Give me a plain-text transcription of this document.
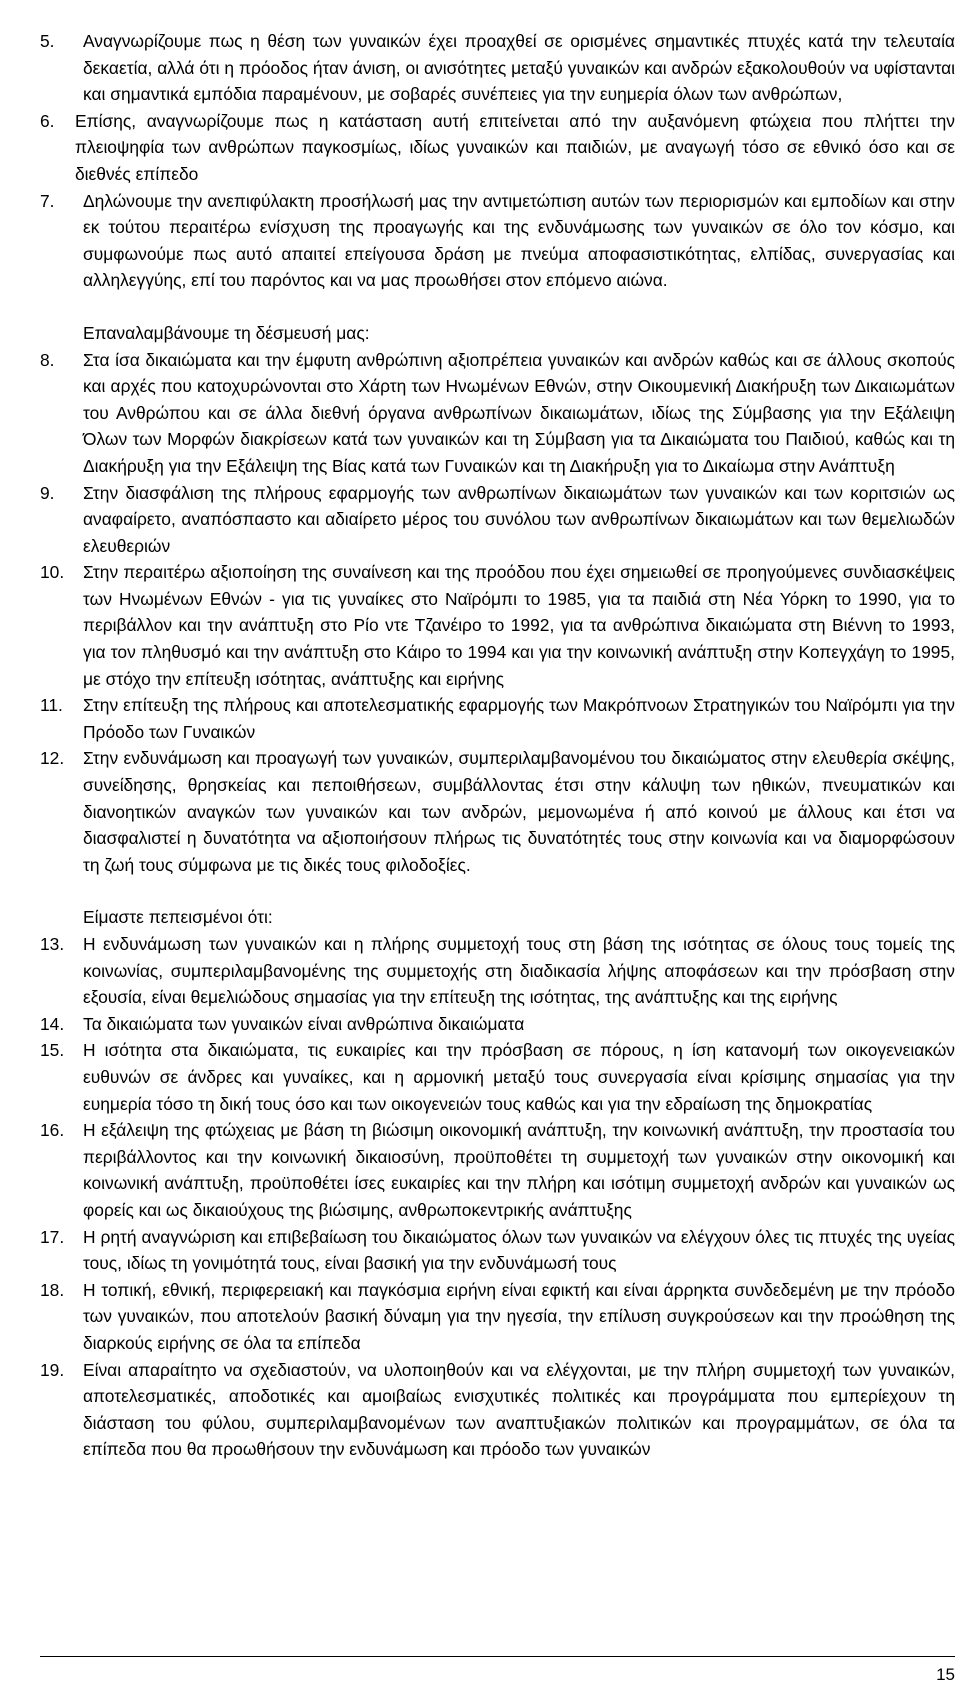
5. Αναγνωρίζουμε πως η θέση των γυναικών έχει προαχθεί σε ορισμένες σημαντικές πτυχές κατά την τελευταία δεκαετία, αλλά ότι η πρόοδος ήταν άνιση, οι ανισότητες μεταξύ γυναικών και ανδρών εξακολουθούν να υφίστανται και σημαντικά εμπόδια παραμένουν, με σοβαρές συνέπειες για την ευημερία όλων των ανθρώπων,
6. Επίσης, αναγνωρίζουμε πως η κατάσταση αυτή επιτείνεται από την αυξανόμενη φτώχεια που πλήττει την πλειοψηφία των ανθρώπων παγκοσμίως, ιδίως γυναικών και παιδιών, με αναγωγή τόσο σε εθνικό όσο και σε διεθνές επίπεδο
7. Δηλώνουμε την ανεπιφύλακτη προσήλωσή μας την αντιμετώπιση αυτών των περιορισμών και εμποδίων και στην εκ τούτου περαιτέρω ενίσχυση της προαγωγής και της ενδυνάμωσης των γυναικών σε όλο τον κόσμο, και συμφωνούμε πως αυτό απαιτεί επείγουσα δράση με πνεύμα αποφασιστικότητας, ελπίδας, συνεργασίας και αλληλεγγύης, επί του παρόντος και να μας προωθήσει στον επόμενο αιώνα.
Επαναλαμβάνουμε τη δέσμευσή μας:
8. Στα ίσα δικαιώματα και την έμφυτη ανθρώπινη αξιοπρέπεια γυναικών και ανδρών καθώς και σε άλλους σκοπούς και αρχές που κατοχυρώνονται στο Χάρτη των Ηνωμένων Εθνών, στην Οικουμενική Διακήρυξη των Δικαιωμάτων του Ανθρώπου και σε άλλα διεθνή όργανα ανθρωπίνων δικαιωμάτων, ιδίως της Σύμβασης για την Εξάλειψη Όλων των Μορφών διακρίσεων κατά των γυναικών και τη Σύμβαση για τα Δικαιώματα του Παιδιού, καθώς και τη Διακήρυξη για την Εξάλειψη της Βίας κατά των Γυναικών και τη Διακήρυξη για το Δικαίωμα στην Ανάπτυξη
9. Στην διασφάλιση της πλήρους εφαρμογής των ανθρωπίνων δικαιωμάτων των γυναικών και των κοριτσιών ως αναφαίρετο, αναπόσπαστο και αδιαίρετο μέρος του συνόλου των ανθρωπίνων δικαιωμάτων και των θεμελιωδών ελευθεριών
10. Στην περαιτέρω αξιοποίηση της συναίνεση και της προόδου που έχει σημειωθεί σε προηγούμενες συνδιασκέψεις των Ηνωμένων Εθνών - για τις γυναίκες στο Ναϊρόμπι το 1985, για τα παιδιά στη Νέα Υόρκη το 1990, για το περιβάλλον και την ανάπτυξη στο Ρίο ντε Τζανέιρο το 1992, για τα ανθρώπινα δικαιώματα στη Βιέννη το 1993, για τον πληθυσμό και την ανάπτυξη στο Κάιρο το 1994 και για την κοινωνική ανάπτυξη στην Κοπεγχάγη το 1995, με στόχο την επίτευξη ισότητας, ανάπτυξης και ειρήνης
11. Στην επίτευξη της πλήρους και αποτελεσματικής εφαρμογής των Μακρόπνοων Στρατηγικών του Ναϊρόμπι για την Πρόοδο των Γυναικών
12. Στην ενδυνάμωση και προαγωγή των γυναικών, συμπεριλαμβανομένου του δικαιώματος στην ελευθερία σκέψης, συνείδησης, θρησκείας και πεποιθήσεων, συμβάλλοντας έτσι στην κάλυψη των ηθικών, πνευματικών και διανοητικών αναγκών των γυναικών και των ανδρών, μεμονωμένα ή από κοινού με άλλους και έτσι να διασφαλιστεί η δυνατότητα να αξιοποιήσουν πλήρως τις δυνατότητές τους στην κοινωνία και να διαμορφώσουν τη ζωή τους σύμφωνα με τις δικές τους φιλοδοξίες.
Είμαστε πεπεισμένοι ότι:
13. Η ενδυνάμωση των γυναικών και η πλήρης συμμετοχή τους στη βάση της ισότητας σε όλους τους τομείς της κοινωνίας, συμπεριλαμβανομένης της συμμετοχής στη διαδικασία λήψης αποφάσεων και την πρόσβαση στην εξουσία, είναι θεμελιώδους σημασίας για την επίτευξη της ισότητας, της ανάπτυξης και της ειρήνης
14. Τα δικαιώματα των γυναικών είναι ανθρώπινα δικαιώματα
15. Η ισότητα στα δικαιώματα, τις ευκαιρίες και την πρόσβαση σε πόρους, η ίση κατανομή των οικογενειακών ευθυνών σε άνδρες και γυναίκες, και η αρμονική μεταξύ τους συνεργασία είναι κρίσιμης σημασίας για την ευημερία τόσο τη δική τους όσο και των οικογενειών τους καθώς και για την εδραίωση της δημοκρατίας
16. Η εξάλειψη της φτώχειας με βάση τη βιώσιμη οικονομική ανάπτυξη, την κοινωνική ανάπτυξη, την προστασία του περιβάλλοντος και την κοινωνική δικαιοσύνη, προϋποθέτει τη συμμετοχή των γυναικών στην οικονομική και κοινωνική ανάπτυξη, προϋποθέτει ίσες ευκαιρίες και την πλήρη και ισότιμη συμμετοχή ανδρών και γυναικών ως φορείς και ως δικαιούχους της βιώσιμης, ανθρωποκεντρικής ανάπτυξης
17. Η ρητή αναγνώριση και επιβεβαίωση του δικαιώματος όλων των γυναικών να ελέγχουν όλες τις πτυχές της υγείας τους, ιδίως τη γονιμότητά τους, είναι βασική για την ενδυνάμωσή τους
18. Η τοπική, εθνική, περιφερειακή και παγκόσμια ειρήνη είναι εφικτή και είναι άρρηκτα συνδεδεμένη με την πρόοδο των γυναικών, που αποτελούν βασική δύναμη για την ηγεσία, την επίλυση συγκρούσεων και την προώθηση της διαρκούς ειρήνης σε όλα τα επίπεδα
19. Είναι απαραίτητο να σχεδιαστούν, να υλοποιηθούν και να ελέγχονται, με την πλήρη συμμετοχή των γυναικών, αποτελεσματικές, αποδοτικές και αμοιβαίως ενισχυτικές πολιτικές και προγράμματα που εμπερίεχουν τη διάσταση του φύλου, συμπεριλαμβανομένων των αναπτυξιακών πολιτικών και προγραμμάτων, σε όλα τα επίπεδα που θα προωθήσουν την ενδυνάμωση και πρόοδο των γυναικών
15
